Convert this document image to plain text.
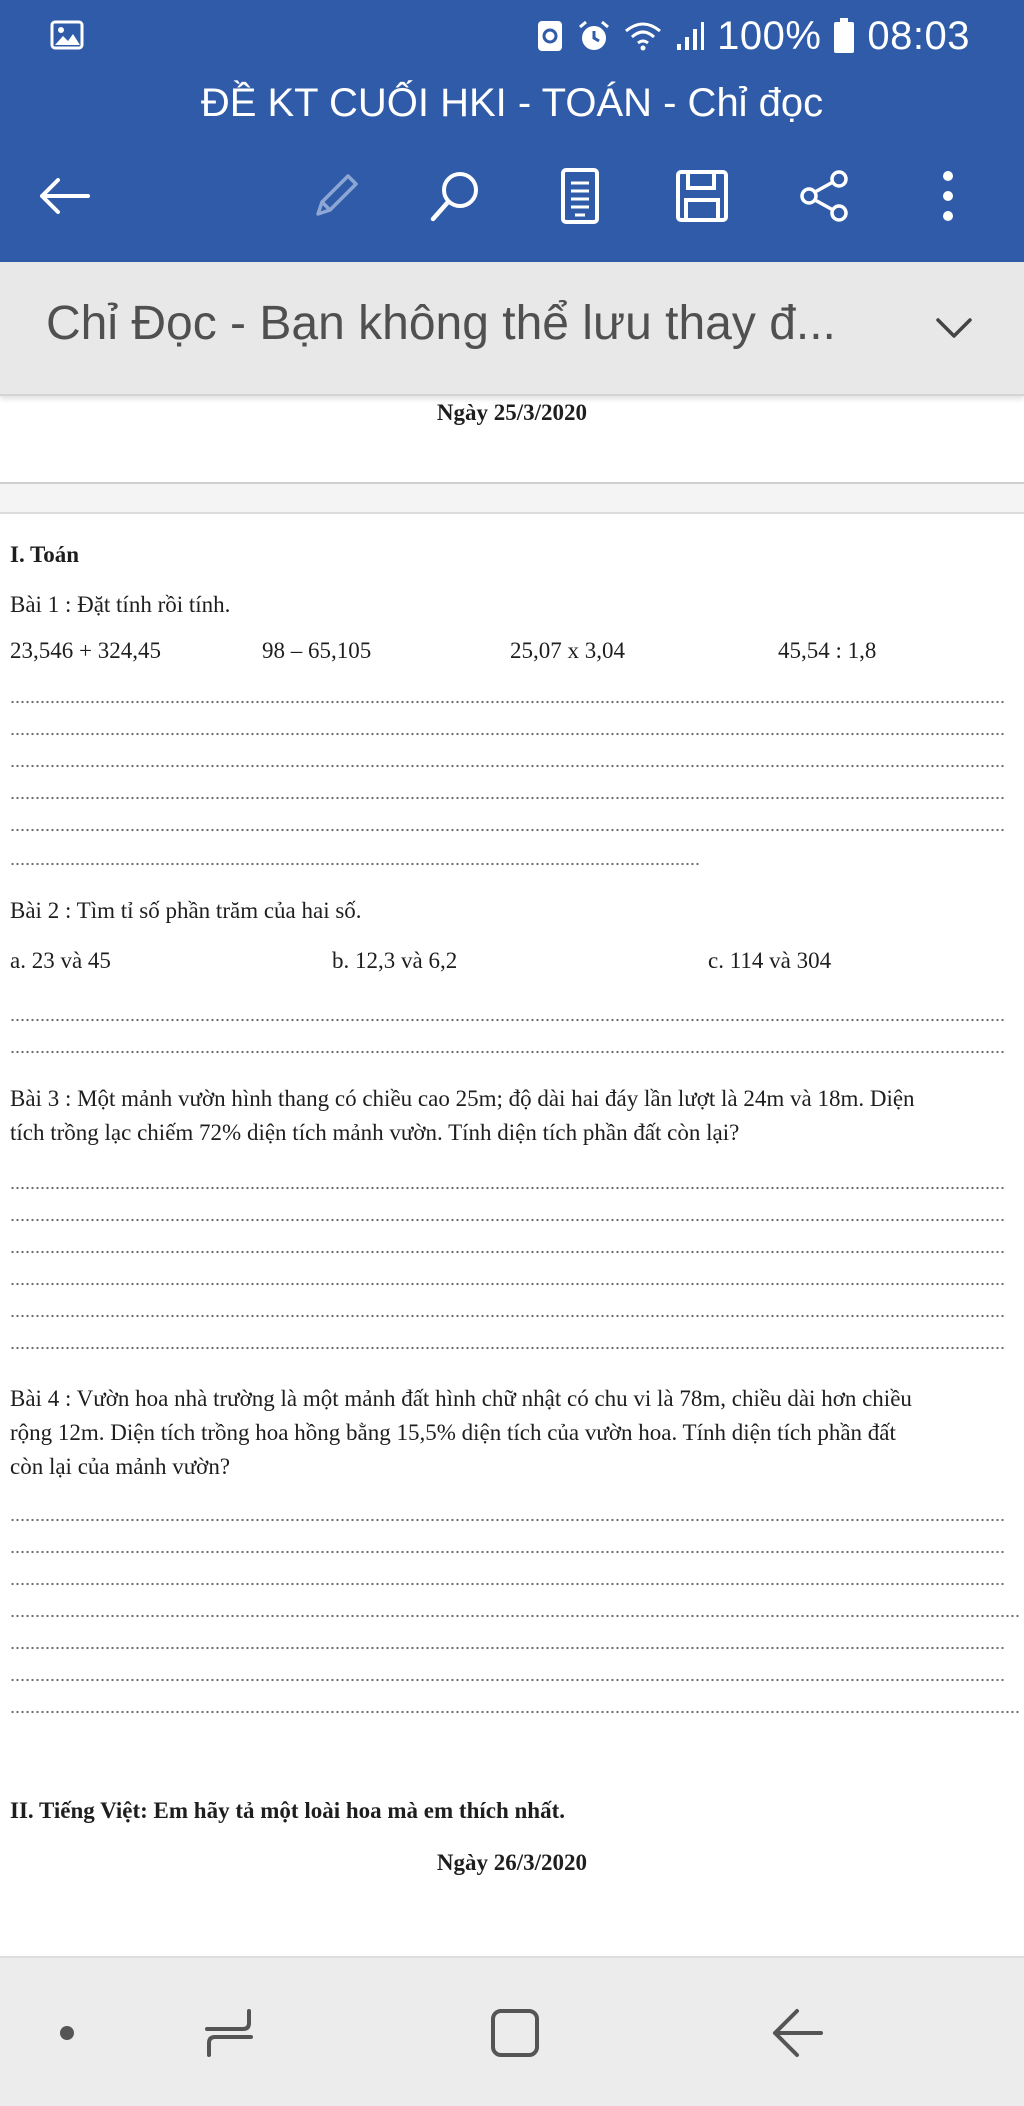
100% 08:03
ĐỀ KT CUỐI HKI - TOÁN - Chỉ đọc
Chỉ Đọc - Bạn không thể lưu thay đ...
Ngày 25/3/2020
I. Toán
Bài 1 : Đặt tính rồi tính.
23,546 + 324,45	98 – 65,105	25,07 x 3,04	45,54 : 1,8
Bài 2 : Tìm tỉ số phần trăm của hai số.
a. 23 và 45	b. 12,3 và 6,2	c. 114 và 304
Bài 3 : Một mảnh vườn hình thang có chiều cao 25m; độ dài hai đáy lần lượt là 24m và 18m. Diện
tích trồng lạc chiếm 72% diện tích mảnh vườn. Tính diện tích phần đất còn lại?
Bài 4 : Vườn hoa nhà trường là một mảnh đất hình chữ nhật có chu vi là 78m, chiều dài hơn chiều
rộng 12m. Diện tích trồng hoa hồng bằng 15,5% diện tích của vườn hoa. Tính diện tích phần đất
còn lại của mảnh vườn?
II. Tiếng Việt: Em hãy tả một loài hoa mà em thích nhất.
Ngày 26/3/2020
